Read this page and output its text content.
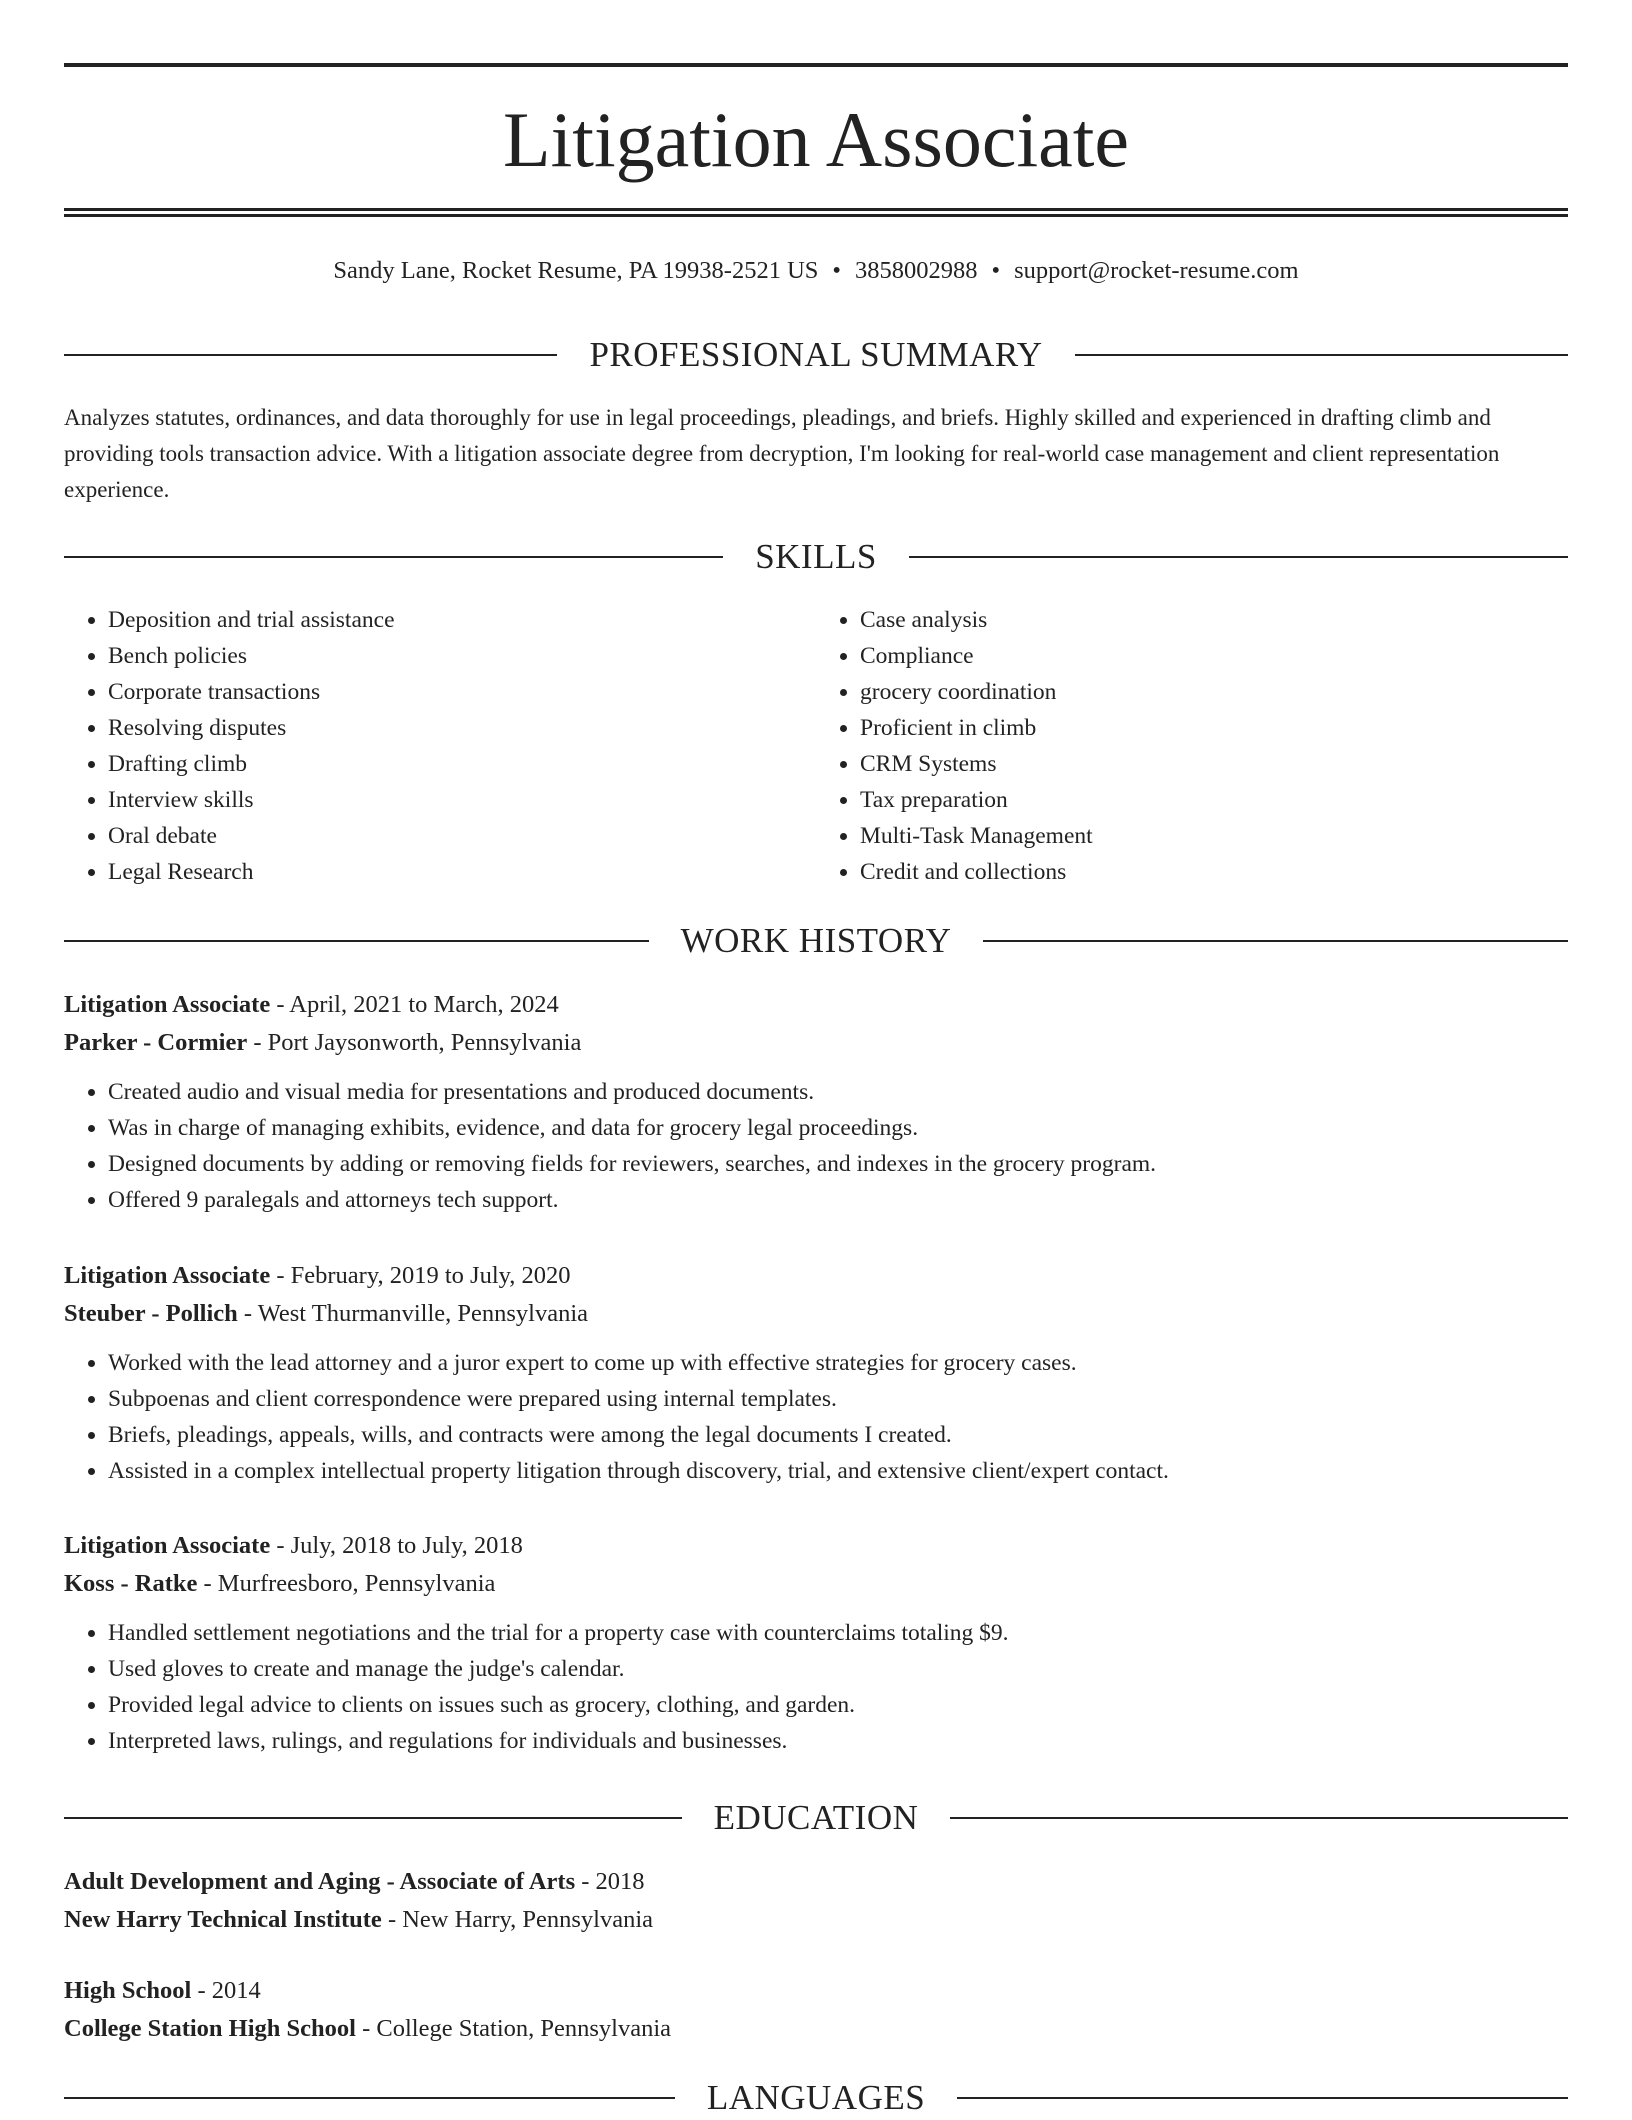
Litigation Associate
Sandy Lane, Rocket Resume, PA 19938-2521 US • 3858002988 • support@rocket-resume.com
PROFESSIONAL SUMMARY

Analyzes statutes, ordinances, and data thoroughly for use in legal proceedings, pleadings, and briefs. Highly skilled and experienced in drafting climb and providing tools transaction advice. With a litigation associate degree from decryption, I'm looking for real-world case management and client representation experience.

SKILLS
• Deposition and trial assistance
• Bench policies
• Corporate transactions
• Resolving disputes
• Drafting climb
• Interview skills
• Oral debate
• Legal Research
• Case analysis
• Compliance
• grocery coordination
• Proficient in climb
• CRM Systems
• Tax preparation
• Multi-Task Management
• Credit and collections
WORK HISTORY

Litigation Associate - April, 2021 to March, 2024

Parker - Cormier - Port Jaysonworth, Pennsylvania

• Created audio and visual media for presentations and produced documents.
• Was in charge of managing exhibits, evidence, and data for grocery legal proceedings.
• Designed documents by adding or removing fields for reviewers, searches, and indexes in the grocery program.
• Offered 9 paralegals and attorneys tech support.

Litigation Associate - February, 2019 to July, 2020

Steuber - Pollich - West Thurmanville, Pennsylvania

• Worked with the lead attorney and a juror expert to come up with effective strategies for grocery cases.
• Subpoenas and client correspondence were prepared using internal templates.
• Briefs, pleadings, appeals, wills, and contracts were among the legal documents I created.
• Assisted in a complex intellectual property litigation through discovery, trial, and extensive client/expert contact.

Litigation Associate - July, 2018 to July, 2018

Koss - Ratke - Murfreesboro, Pennsylvania

• Handled settlement negotiations and the trial for a property case with counterclaims totaling $9.
• Used gloves to create and manage the judge's calendar.
• Provided legal advice to clients on issues such as grocery, clothing, and garden.
• Interpreted laws, rulings, and regulations for individuals and businesses.
EDUCATION

Adult Development and Aging - Associate of Arts - 2018

New Harry Technical Institute - New Harry, Pennsylvania

High School - 2014

College Station High School - College Station, Pennsylvania

LANGUAGES
